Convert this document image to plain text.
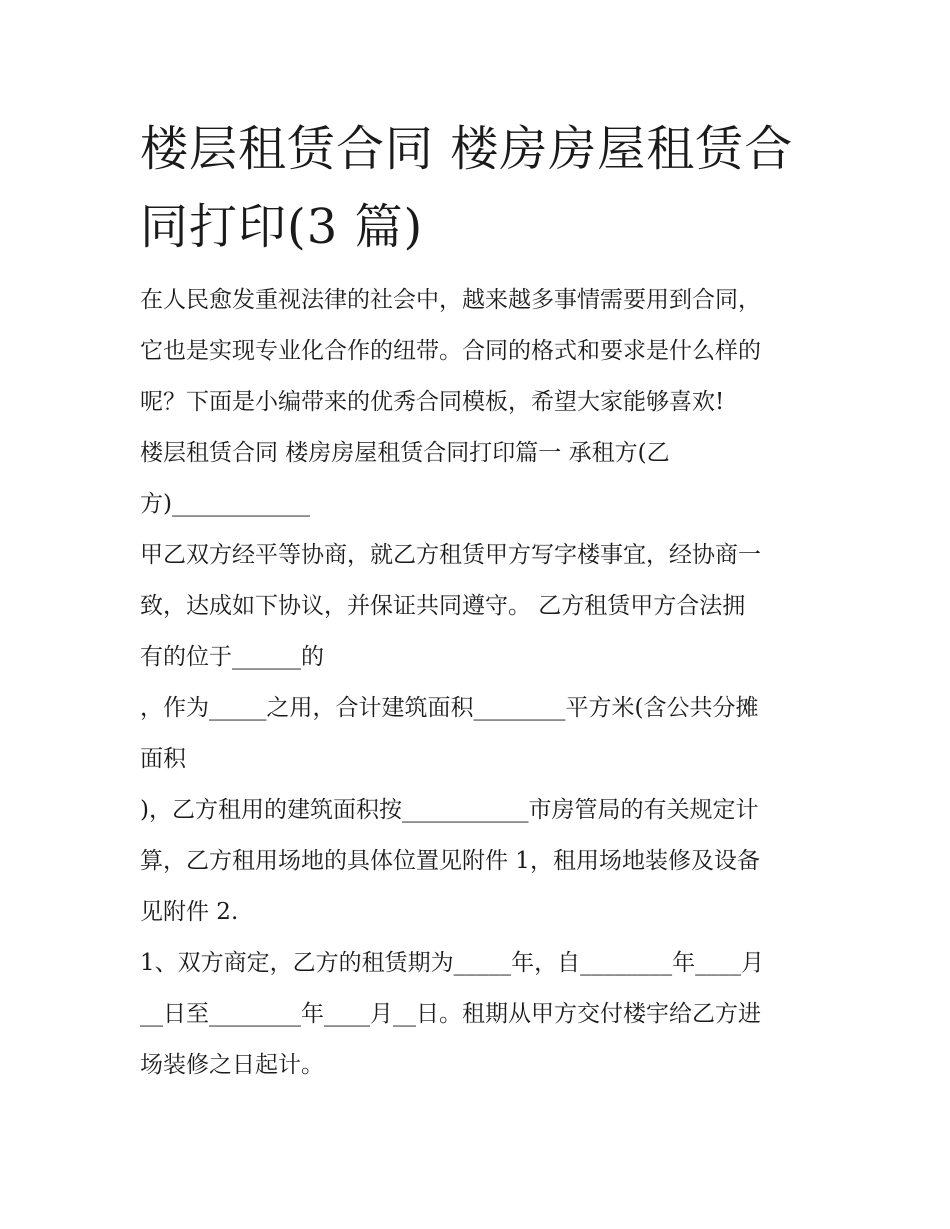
楼层租赁合同 楼房房屋租赁合同打印(3 篇)

在人民愈发重视法律的社会中，越来越多事情需要用到合同，

它也是实现专业化合作的纽带。合同的格式和要求是什么样的

呢？下面是小编带来的优秀合同模板，希望大家能够喜欢!

楼层租赁合同 楼房房屋租赁合同打印篇一 承租方(乙

方)____________

甲乙双方经平等协商，就乙方租赁甲方写字楼事宜，经协商一

致，达成如下协议，并保证共同遵守。 乙方租赁甲方合法拥

有的位于______的

，作为_____之用，合计建筑面积________平方米(含公共分摊

面积

)，乙方租用的建筑面积按___________市房管局的有关规定计

算，乙方租用场地的具体位置见附件 1，租用场地装修及设备

见附件 2.

1、双方商定，乙方的租赁期为_____年，自________年____月

__日至________年____月__日。租期从甲方交付楼宇给乙方进

场装修之日起计。
